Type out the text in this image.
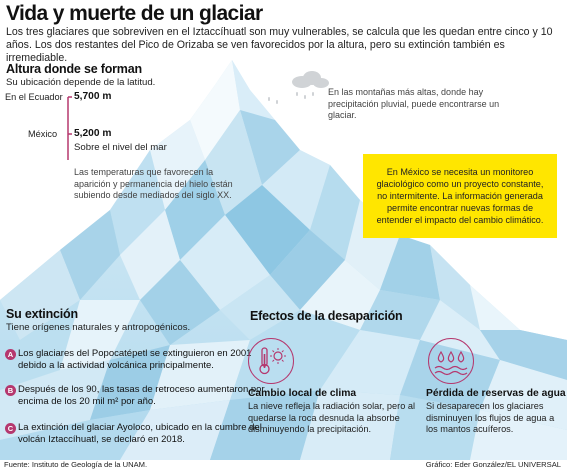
Vida y muerte de un glaciar
Los tres glaciares que sobreviven en el Iztaccíhuatl son muy vulnerables, se calcula que les quedan entre cinco y 10 años. Los dos restantes del Pico de Orizaba se ven favorecidos por la altura, pero su extinción también es irremediable.
Altura donde se forman
Su ubicación depende de la latitud.
En el Ecuador 5,700 m
México 5,200 m
Sobre el nivel del mar
Las temperaturas que favorecen la aparición y permanencia del hielo están subiendo desde mediados del siglo XX.
En las montañas más altas, donde hay precipitación pluvial, puede encontrarse un glaciar.
En México se necesita un monitoreo glaciológico como un proyecto constante, no intermitente. La información generada permite encontrar nuevas formas de entender el impacto del cambio climático.
Su extinción
Tiene orígenes naturales y antropogénicos.
A Los glaciares del Popocatépetl se extinguieron en 2001 debido a la actividad volcánica principalmente.
B Después de los 90, las tasas de retroceso aumentaron por encima de los 20 mil m² por año.
C La extinción del glaciar Ayoloco, ubicado en la cumbre del volcán Iztaccíhuatl, se declaró en 2018.
Efectos de la desaparición
Cambio local de clima
La nieve refleja la radiación solar, pero al quedarse la roca desnuda la absorbe disminuyendo la precipitación.
Pérdida de reservas de agua
Si desaparecen los glaciares disminuyen los flujos de agua a los mantos acuíferos.
Fuente: Instituto de Geología de la UNAM.	Gráfico: Eder González/EL UNIVERSAL
